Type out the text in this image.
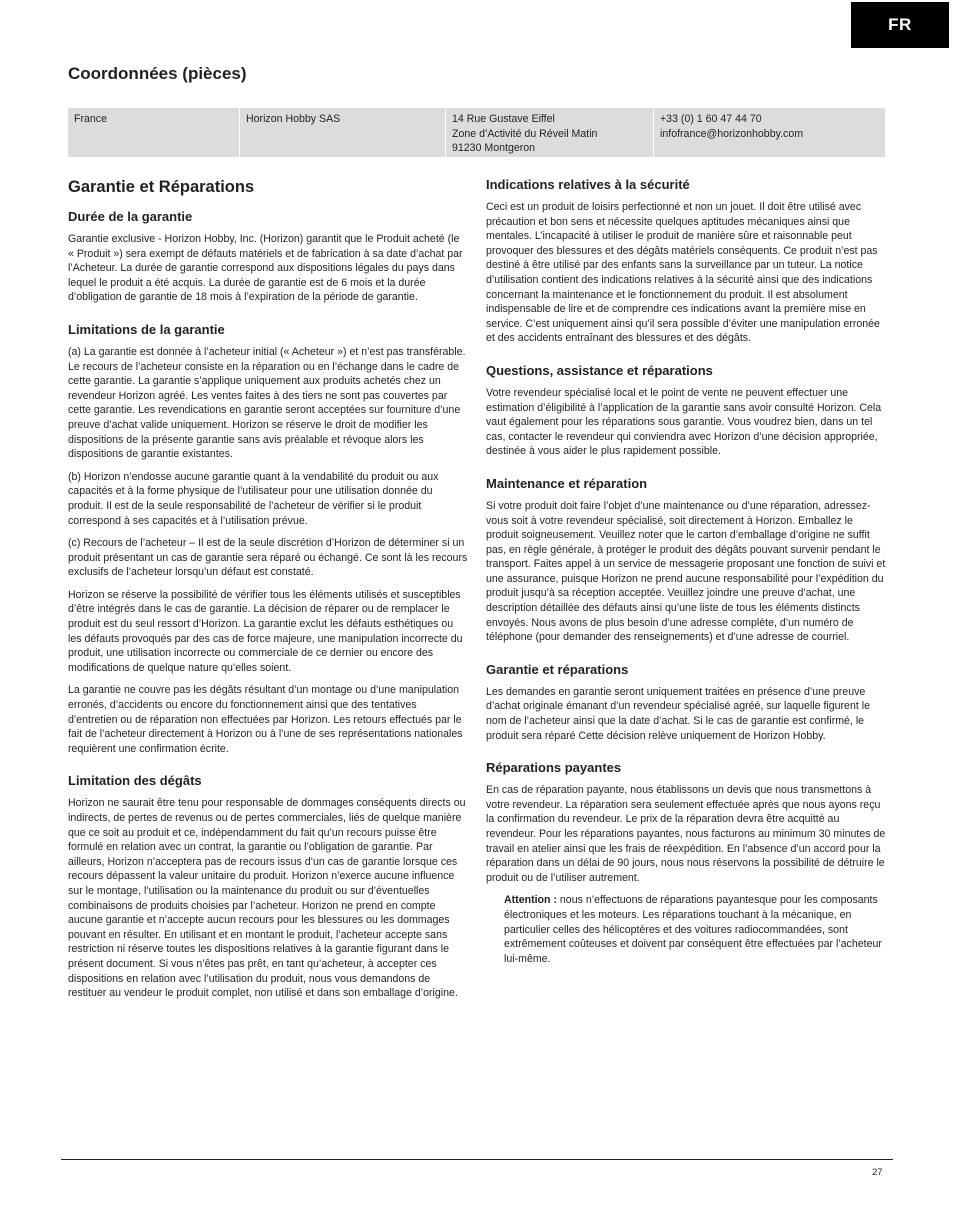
FR
Coordonnées (pièces)
France	Horizon Hobby SAS	14 Rue Gustave Eiffel
Zone d’Activité du Réveil Matin
91230 Montgeron
+33 (0) 1 60 47 44 70
infofrance@horizonhobby.com
Garantie et Réparations
Durée de la garantie

Garantie exclusive - Horizon Hobby, Inc. (Horizon) garantit que le Produit acheté (le « Produit ») sera exempt de défauts matériels et de fabrication à sa date d’achat par l’Acheteur. La durée de garantie correspond aux dispositions légales du pays dans lequel le produit a été acquis. La durée de garantie est de 6 mois et la durée d’obligation de garantie de 18 mois à l’expiration de la période de garantie.

Limitations de la garantie

(a) La garantie est donnée à l’acheteur initial (« Acheteur ») et n’est pas transférable. Le recours de l’acheteur consiste en la réparation ou en l’échange dans le cadre de cette garantie. La garantie s’applique uniquement aux produits achetés chez un revendeur Horizon agréé. Les ventes faites à des tiers ne sont pas couvertes par cette garantie. Les revendications en garantie seront acceptées sur fourniture d’une preuve d’achat valide uniquement. Horizon se réserve le droit de modifier les dispositions de la présente garantie sans avis préalable et révoque alors les dispositions de garantie existantes.

(b) Horizon n’endosse aucune garantie quant à la vendabilité du produit ou aux capacités et à la forme physique de l’utilisateur pour une utilisation donnée du produit. Il est de la seule responsabilité de l’acheteur de vérifier si le produit correspond à ses capacités et à l’utilisation prévue.

(c) Recours de l’acheteur – Il est de la seule discrétion d’Horizon de déterminer si un produit présentant un cas de garantie sera réparé ou échangé. Ce sont là les recours exclusifs de l’acheteur lorsqu’un défaut est constaté.

Horizon se réserve la possibilité de vérifier tous les éléments utilisés et susceptibles d’être intégrés dans le cas de garantie. La décision de réparer ou de remplacer le produit est du seul ressort d’Horizon. La garantie exclut les défauts esthétiques ou les défauts provoqués par des cas de force majeure, une manipulation incorrecte du produit, une utilisation incorrecte ou commerciale de ce dernier ou encore des modifications de quelque nature qu’elles soient.

La garantie ne couvre pas les dégâts résultant d’un montage ou d’une manipulation erronés, d’accidents ou encore du fonctionnement ainsi que des tentatives d’entretien ou de réparation non effectuées par Horizon. Les retours effectués par le fait de l’acheteur directement à Horizon ou à l’une de ses représentations nationales requièrent une confirmation écrite.

Limitation des dégâts

Horizon ne saurait être tenu pour responsable de dommages conséquents directs ou indirects, de pertes de revenus ou de pertes commerciales, liés de quelque manière que ce soit au produit et ce, indépendamment du fait qu’un recours puisse être formulé en relation avec un contrat, la garantie ou l’obligation de garantie. Par ailleurs, Horizon n’acceptera pas de recours issus d’un cas de garantie lorsque ces recours dépassent la valeur unitaire du produit. Horizon n’exerce aucune influence sur le montage, l’utilisation ou la maintenance du produit ou sur d’éventuelles combinaisons de produits choisies par l’acheteur. Horizon ne prend en compte aucune garantie et n’accepte aucun recours pour les blessures ou les dommages pouvant en résulter. En utilisant et en montant le produit, l’acheteur accepte sans restriction ni réserve toutes les dispositions relatives à la garantie figurant dans le présent document. Si vous n’êtes pas prêt, en tant qu’acheteur, à accepter ces dispositions en relation avec l’utilisation du produit, nous vous demandons de restituer au vendeur le produit complet, non utilisé et dans son emballage d’origine.

Indications relatives à la sécurité

Ceci est un produit de loisirs perfectionné et non un jouet. Il doit être utilisé avec précaution et bon sens et nécessite quelques aptitudes mécaniques ainsi que mentales. L’incapacité à utiliser le produit de manière sûre et raisonnable peut provoquer des blessures et des dégâts matériels conséquents. Ce produit n’est pas destiné à être utilisé par des enfants sans la surveillance par un tuteur. La notice d’utilisation contient des indications relatives à la sécurité ainsi que des indications concernant la maintenance et le fonctionnement du produit. Il est absolument indispensable de lire et de comprendre ces indications avant la première mise en service. C’est uniquement ainsi qu’il sera possible d’éviter une manipulation erronée et des accidents entraînant des blessures et des dégâts.

Questions, assistance et réparations

Votre revendeur spécialisé local et le point de vente ne peuvent effectuer une estimation d’éligibilité à l’application de la garantie sans avoir consulté Horizon. Cela vaut également pour les réparations sous garantie. Vous voudrez bien, dans un tel cas, contacter le revendeur qui conviendra avec Horizon d’une décision appropriée, destinée à vous aider le plus rapidement possible.

Maintenance et réparation

Si votre produit doit faire l’objet d’une maintenance ou d’une réparation, adressez-vous soit à votre revendeur spécialisé, soit directement à Horizon. Emballez le produit soigneusement. Veuillez noter que le carton d’emballage d’origine ne suffit pas, en règle générale, à protéger le produit des dégâts pouvant survenir pendant le transport. Faites appel à un service de messagerie proposant une fonction de suivi et une assurance, puisque Horizon ne prend aucune responsabilité pour l’expédition du produit jusqu’à sa réception acceptée. Veuillez joindre une preuve d’achat, une description détaillée des défauts ainsi qu’une liste de tous les éléments distincts envoyés. Nous avons de plus besoin d’une adresse complète, d’un numéro de téléphone (pour demander des renseignements) et d’une adresse de courriel.

Garantie et réparations

Les demandes en garantie seront uniquement traitées en présence d’une preuve d’achat originale émanant d’un revendeur spécialisé agréé, sur laquelle figurent le nom de l’acheteur ainsi que la date d’achat. Si le cas de garantie est confirmé, le produit sera réparé Cette décision relève uniquement de Horizon Hobby.

Réparations payantes

En cas de réparation payante, nous établissons un devis que nous transmettons à votre revendeur. La réparation sera seulement effectuée après que nous ayons reçu la confirmation du revendeur. Le prix de la réparation devra être acquitté au revendeur. Pour les réparations payantes, nous facturons au minimum 30 minutes de travail en atelier ainsi que les frais de réexpédition. En l’absence d’un accord pour la réparation dans un délai de 90 jours, nous nous réservons la possibilité de détruire le produit ou de l’utiliser autrement.

Attention : nous n’effectuons de réparations payantesque pour les composants électroniques et les moteurs. Les réparations touchant à la mécanique, en particulier celles des hélicoptères et des voitures radiocommandées, sont extrêmement coûteuses et doivent par conséquent être effectuées par l’acheteur lui-même.

27
